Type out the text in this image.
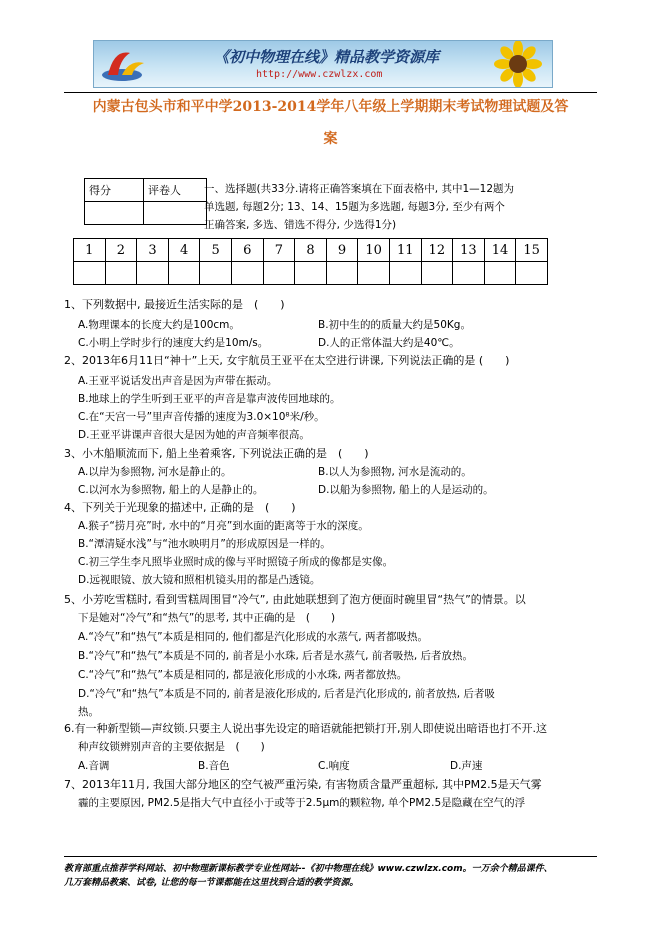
《初中物理在线》精品教学资源库
http://www.czwlzx.com
内蒙古包头市和平中学2013-2014学年八年级上学期期末考试物理试题及答
案
得分	评卷人
	一、选择题(共33分.请将正确答案填在下面表格中, 其中1—12题为
单选题, 每题2分; 13、14、15题为多选题, 每题3分, 至少有两个
正确答案, 多选、错选不得分, 少选得1分)
1	2	3	4	5	6	7	8	9	10	11	12	13	14	15

1、下列数据中, 最接近生活实际的是　(　　)
A.物理课本的长度大约是100cm。	B.初中生的的质量大约是50Kg。
C.小明上学时步行的速度大约是10m/s。	D.人的正常体温大约是40℃。
2、2013年6月11日“神十”上天, 女宇航员王亚平在太空进行讲课, 下列说法正确的是 (　　)
A.王亚平说话发出声音是因为声带在振动。
B.地球上的学生听到王亚平的声音是靠声波传回地球的。
C.在“天宫一号”里声音传播的速度为3.0×10⁸米/秒。
D.王亚平讲课声音很大是因为她的声音频率很高。
3、小木船顺流而下, 船上坐着乘客, 下列说法正确的是　(　　)
A.以岸为参照物, 河水是静止的。	B.以人为参照物, 河水是流动的。
C.以河水为参照物, 船上的人是静止的。	D.以船为参照物, 船上的人是运动的。
4、下列关于光现象的描述中, 正确的是　(　　)
A.猴子“捞月亮”时, 水中的“月亮”到水面的距离等于水的深度。
B.“潭清疑水浅”与“池水映明月”的形成原因是一样的。
C.初三学生李凡照毕业照时成的像与平时照镜子所成的像都是实像。
D.远视眼镜、放大镜和照相机镜头用的都是凸透镜。
5、小芳吃雪糕时, 看到雪糕周围冒“冷气”, 由此她联想到了泡方便面时碗里冒“热气”的情景。以
下是她对“冷气”和“热气”的思考, 其中正确的是　(　　)
A.“冷气”和“热气”本质是相同的, 他们都是汽化形成的水蒸气, 两者都吸热。
B.“冷气”和“热气”本质是不同的, 前者是小水珠, 后者是水蒸气, 前者吸热, 后者放热。
C.“冷气”和“热气”本质是相同的, 都是液化形成的小水珠, 两者都放热。
D.“冷气”和“热气”本质是不同的, 前者是液化形成的, 后者是汽化形成的, 前者放热, 后者吸
热。
6.有一种新型锁—声纹锁.只要主人说出事先设定的暗语就能把锁打开,别人即使说出暗语也打不开.这
种声纹锁辨别声音的主要依据是　(　　)
A.音调	B.音色	C.响度	D.声速
7、2013年11月, 我国大部分地区的空气被严重污染, 有害物质含量严重超标, 其中PM2.5是天气雾
霾的主要原因, PM2.5是指大气中直径小于或等于2.5μm的颗粒物, 单个PM2.5是隐藏在空气的浮
教育部重点推荐学科网站、初中物理新课标教学专业性网站--《初中物理在线》www.czwlzx.com。一万余个精品课件、
几万套精品教案、试卷, 让您的每一节课都能在这里找到合适的教学资源。
